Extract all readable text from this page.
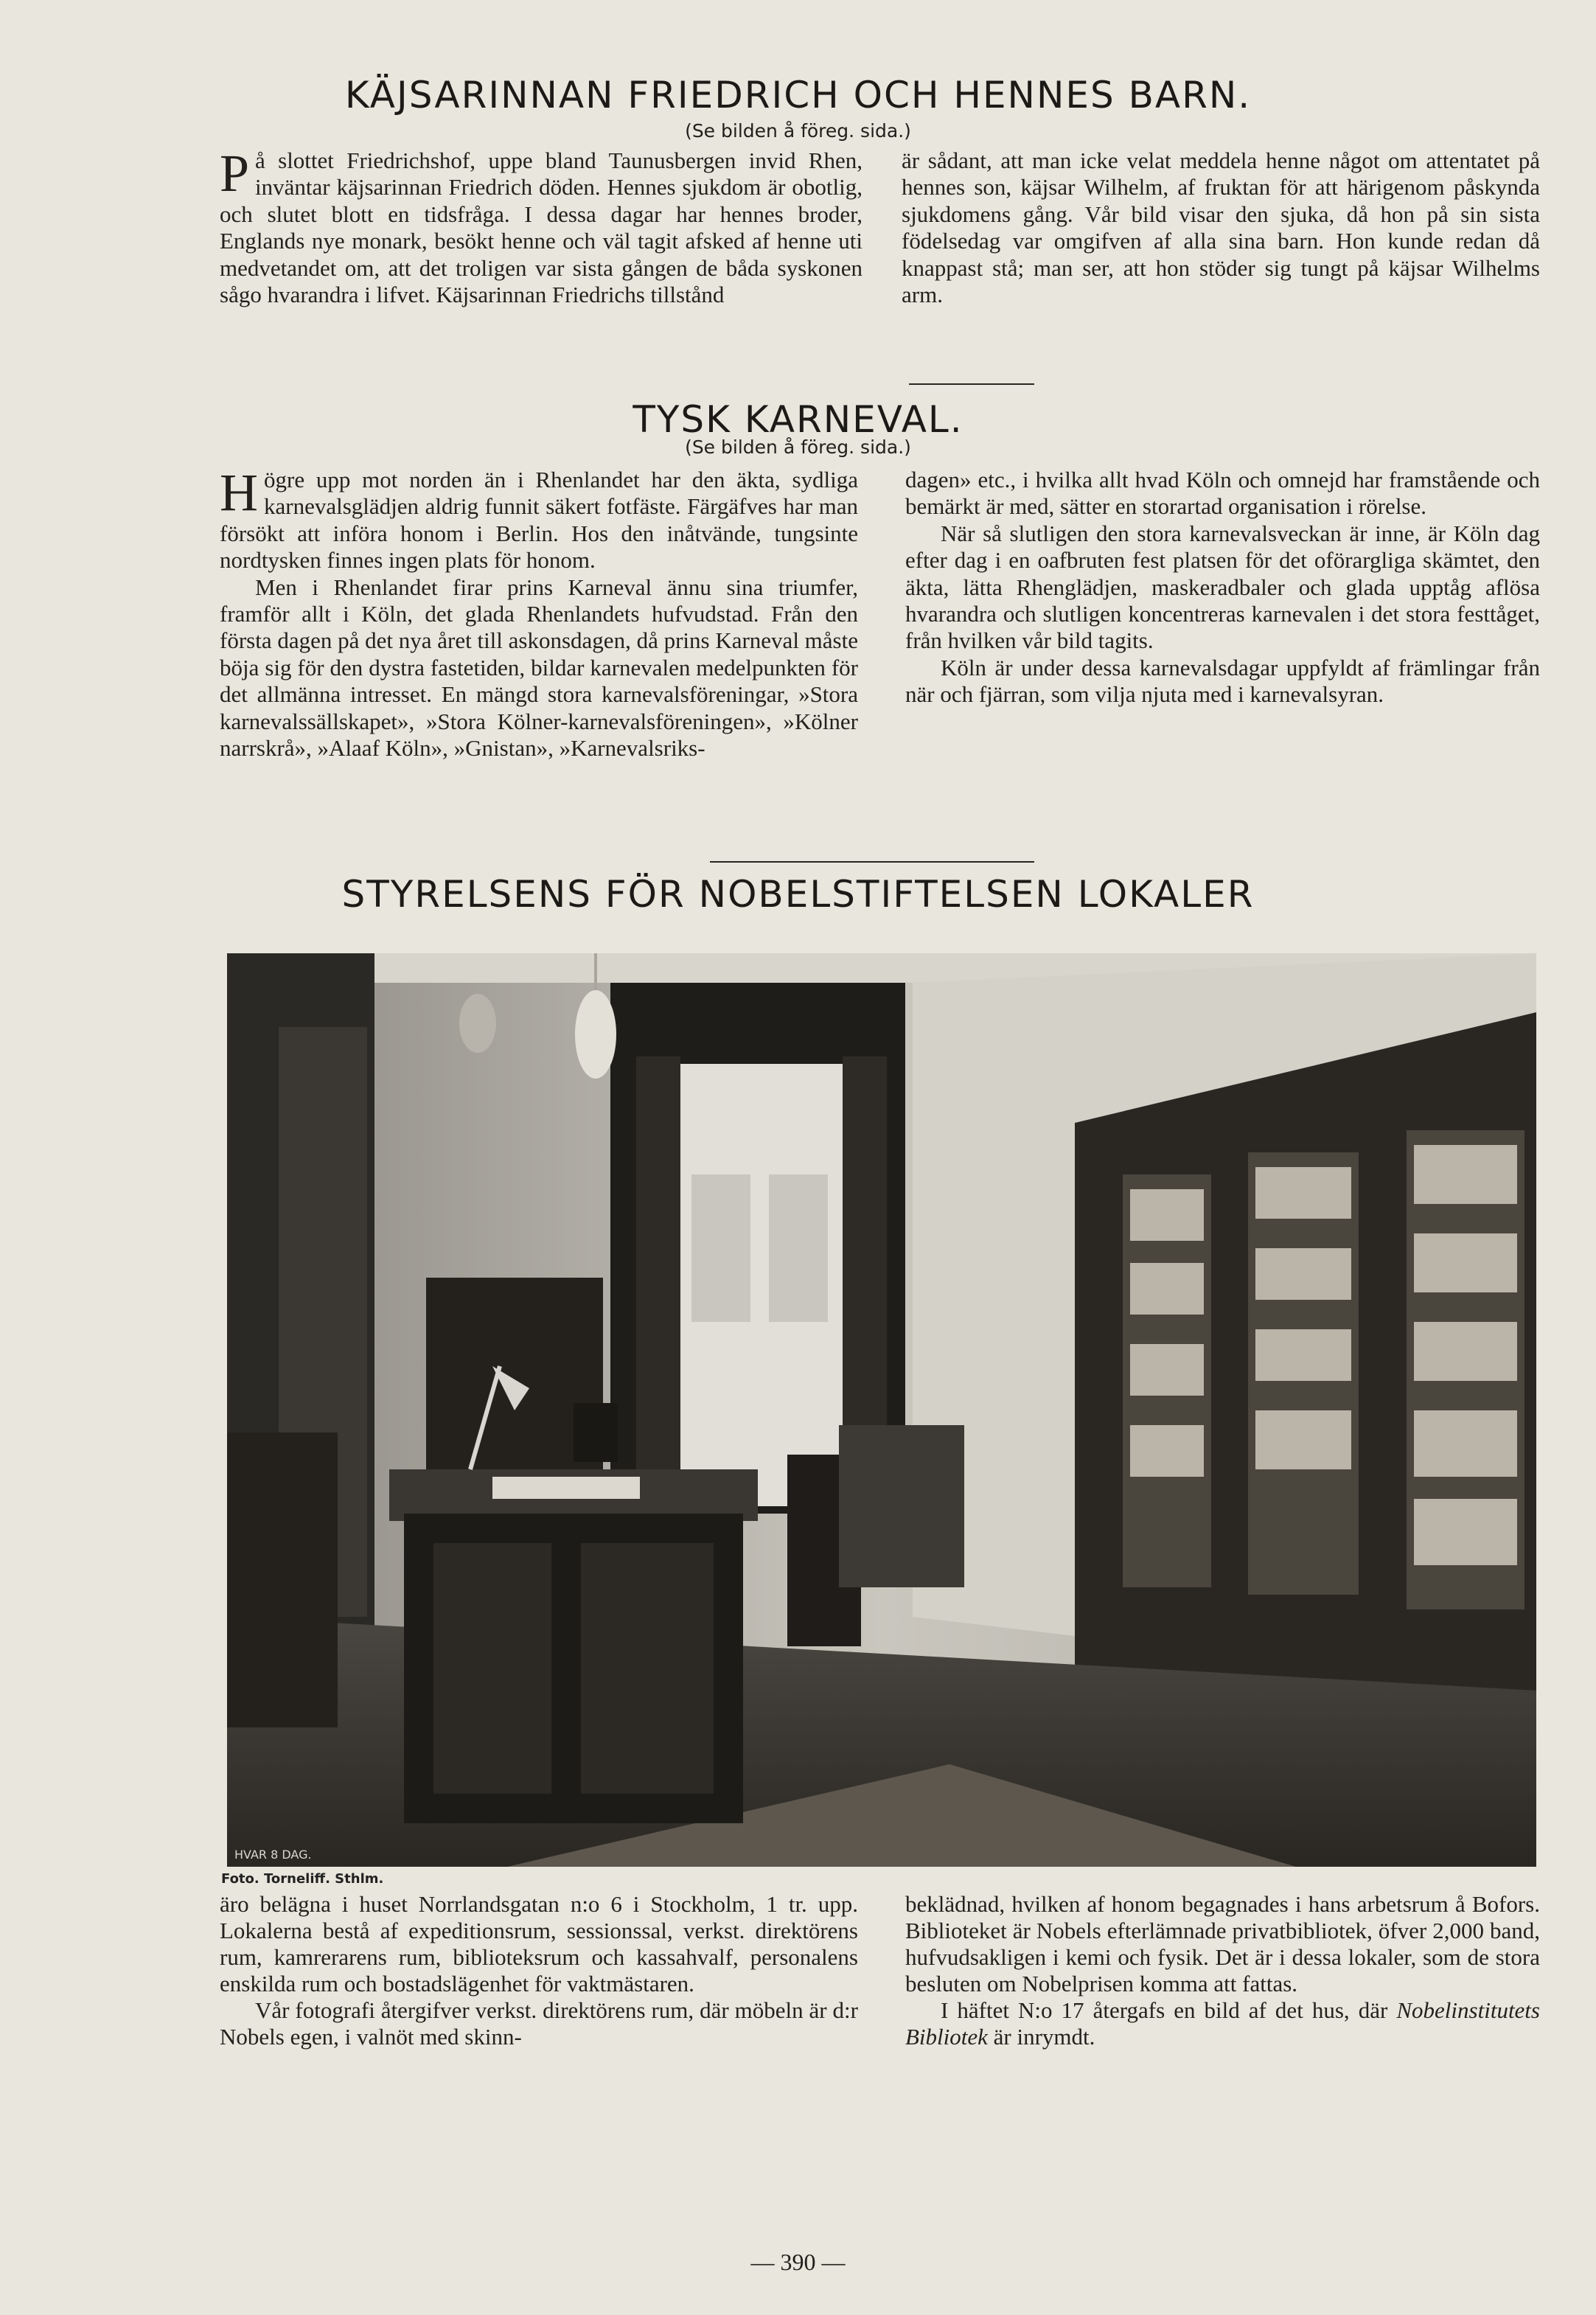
KÄJSARINNAN FRIEDRICH OCH HENNES BARN.
(Se bilden å föreg. sida.)

På slottet Friedrichshof, uppe bland Taunusbergen invid Rhen, inväntar käjsarinnan Friedrich döden. Hennes sjukdom är obotlig, och slutet blott en tidsfråga. I dessa dagar har hennes broder, Englands nye monark, besökt henne och väl tagit afsked af henne uti medvetandet om, att det troligen var sista gången de båda syskonen sågo hvarandra i lifvet. Käjsarinnan Friedrichs tillstånd

är sådant, att man icke velat meddela henne något om attentatet på hennes son, käjsar Wilhelm, af fruktan för att härigenom påskynda sjukdomens gång. Vår bild visar den sjuka, då hon på sin sista födelsedag var omgifven af alla sina barn. Hon kunde redan då knappast stå; man ser, att hon stöder sig tungt på käjsar Wilhelms arm.

TYSK KARNEVAL.
(Se bilden å föreg. sida.)

Högre upp mot norden än i Rhenlandet har den äkta, sydliga karnevalsglädjen aldrig funnit säkert fotfäste. Färgäfves har man försökt att införa honom i Berlin. Hos den inåtvände, tungsinte nordtysken finnes ingen plats för honom.

Men i Rhenlandet firar prins Karneval ännu sina triumfer, framför allt i Köln, det glada Rhenlandets hufvudstad. Från den första dagen på det nya året till askonsdagen, då prins Karneval måste böja sig för den dystra fastetiden, bildar karnevalen medelpunkten för det allmänna intresset. En mängd stora karnevalsföreningar, »Stora karnevalssällskapet», »Stora Kölner-karnevalsföreningen», »Kölner narrskrå», »Alaaf Köln», »Gnistan», »Karnevalsriks-

dagen» etc., i hvilka allt hvad Köln och omnejd har framstående och bemärkt är med, sätter en storartad organisation i rörelse.

När så slutligen den stora karnevalsveckan är inne, är Köln dag efter dag i en oafbruten fest platsen för det oförargliga skämtet, den äkta, lätta Rhenglädjen, maskeradbaler och glada upptåg aflösa hvarandra och slutligen koncentreras karnevalen i det stora festtåget, från hvilken vår bild tagits.

Köln är under dessa karnevalsdagar uppfyldt af främlingar från när och fjärran, som vilja njuta med i karnevalsyran.

STYRELSENS FÖR NOBELSTIFTELSEN LOKALER
HVAR 8 DAG.
Foto. Torneliff. Sthlm.

äro belägna i huset Norrlandsgatan n:o 6 i Stockholm, 1 tr. upp. Lokalerna bestå af expeditionsrum, sessionssal, verkst. direktörens rum, kamrerarens rum, biblioteksrum och kassahvalf, personalens enskilda rum och bostadslägenhet för vaktmästaren.

Vår fotografi återgifver verkst. direktörens rum, där möbeln är d:r Nobels egen, i valnöt med skinn-

beklädnad, hvilken af honom begagnades i hans arbetsrum å Bofors. Biblioteket är Nobels efterlämnade privatbibliotek, öfver 2,000 band, hufvudsakligen i kemi och fysik. Det är i dessa lokaler, som de stora besluten om Nobelprisen komma att fattas.

I häftet N:o 17 återgafs en bild af det hus, där Nobelinstitutets Bibliotek är inrymdt.

— 390 —
